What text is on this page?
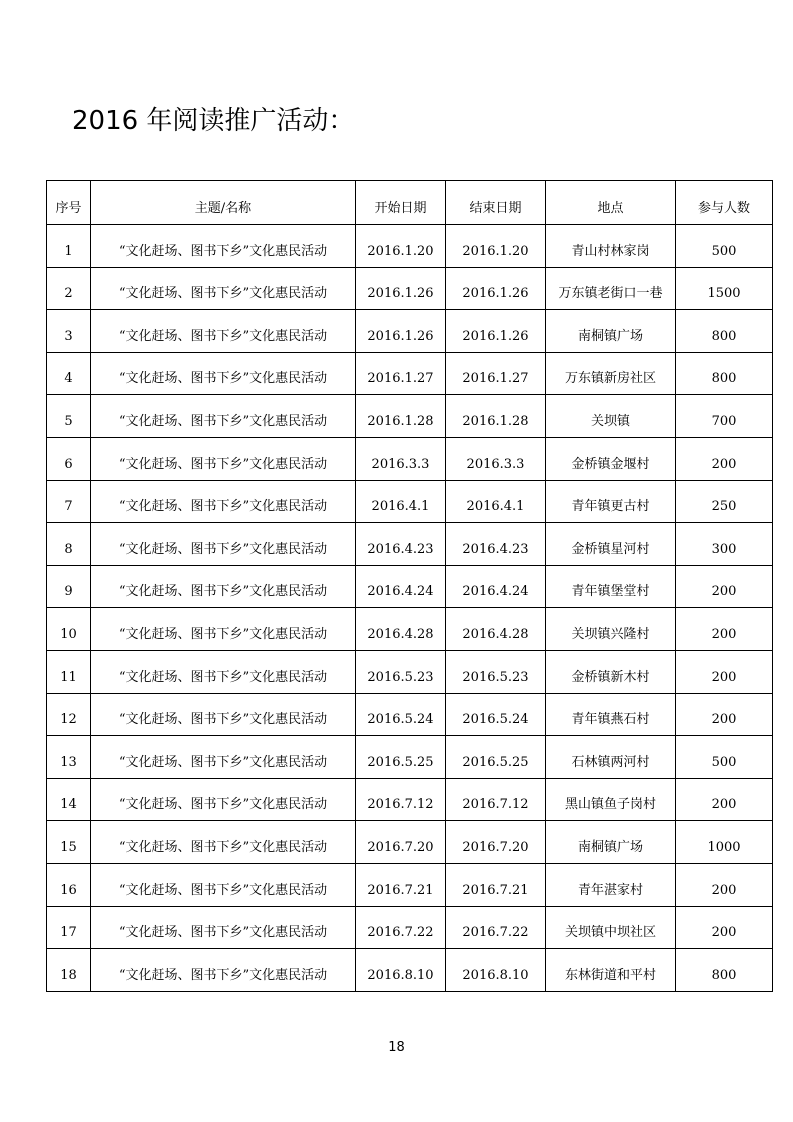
2016 年阅读推广活动：
序号	主题/名称	开始日期	结束日期	地点	参与人数
1	“文化赶场、图书下乡”文化惠民活动	2016.1.20	2016.1.20	青山村林家岗	500
2	“文化赶场、图书下乡”文化惠民活动	2016.1.26	2016.1.26	万东镇老街口一巷	1500
3	“文化赶场、图书下乡”文化惠民活动	2016.1.26	2016.1.26	南桐镇广场	800
4	“文化赶场、图书下乡”文化惠民活动	2016.1.27	2016.1.27	万东镇新房社区	800
5	“文化赶场、图书下乡”文化惠民活动	2016.1.28	2016.1.28	关坝镇	700
6	“文化赶场、图书下乡”文化惠民活动	2016.3.3	2016.3.3	金桥镇金堰村	200
7	“文化赶场、图书下乡”文化惠民活动	2016.4.1	2016.4.1	青年镇更古村	250
8	“文化赶场、图书下乡”文化惠民活动	2016.4.23	2016.4.23	金桥镇星河村	300
9	“文化赶场、图书下乡”文化惠民活动	2016.4.24	2016.4.24	青年镇堡堂村	200
10	“文化赶场、图书下乡”文化惠民活动	2016.4.28	2016.4.28	关坝镇兴隆村	200
11	“文化赶场、图书下乡”文化惠民活动	2016.5.23	2016.5.23	金桥镇新木村	200
12	“文化赶场、图书下乡”文化惠民活动	2016.5.24	2016.5.24	青年镇燕石村	200
13	“文化赶场、图书下乡”文化惠民活动	2016.5.25	2016.5.25	石林镇两河村	500
14	“文化赶场、图书下乡”文化惠民活动	2016.7.12	2016.7.12	黑山镇鱼子岗村	200
15	“文化赶场、图书下乡”文化惠民活动	2016.7.20	2016.7.20	南桐镇广场	1000
16	“文化赶场、图书下乡”文化惠民活动	2016.7.21	2016.7.21	青年湛家村	200
17	“文化赶场、图书下乡”文化惠民活动	2016.7.22	2016.7.22	关坝镇中坝社区	200
18	“文化赶场、图书下乡”文化惠民活动	2016.8.10	2016.8.10	东林街道和平村	800
18
